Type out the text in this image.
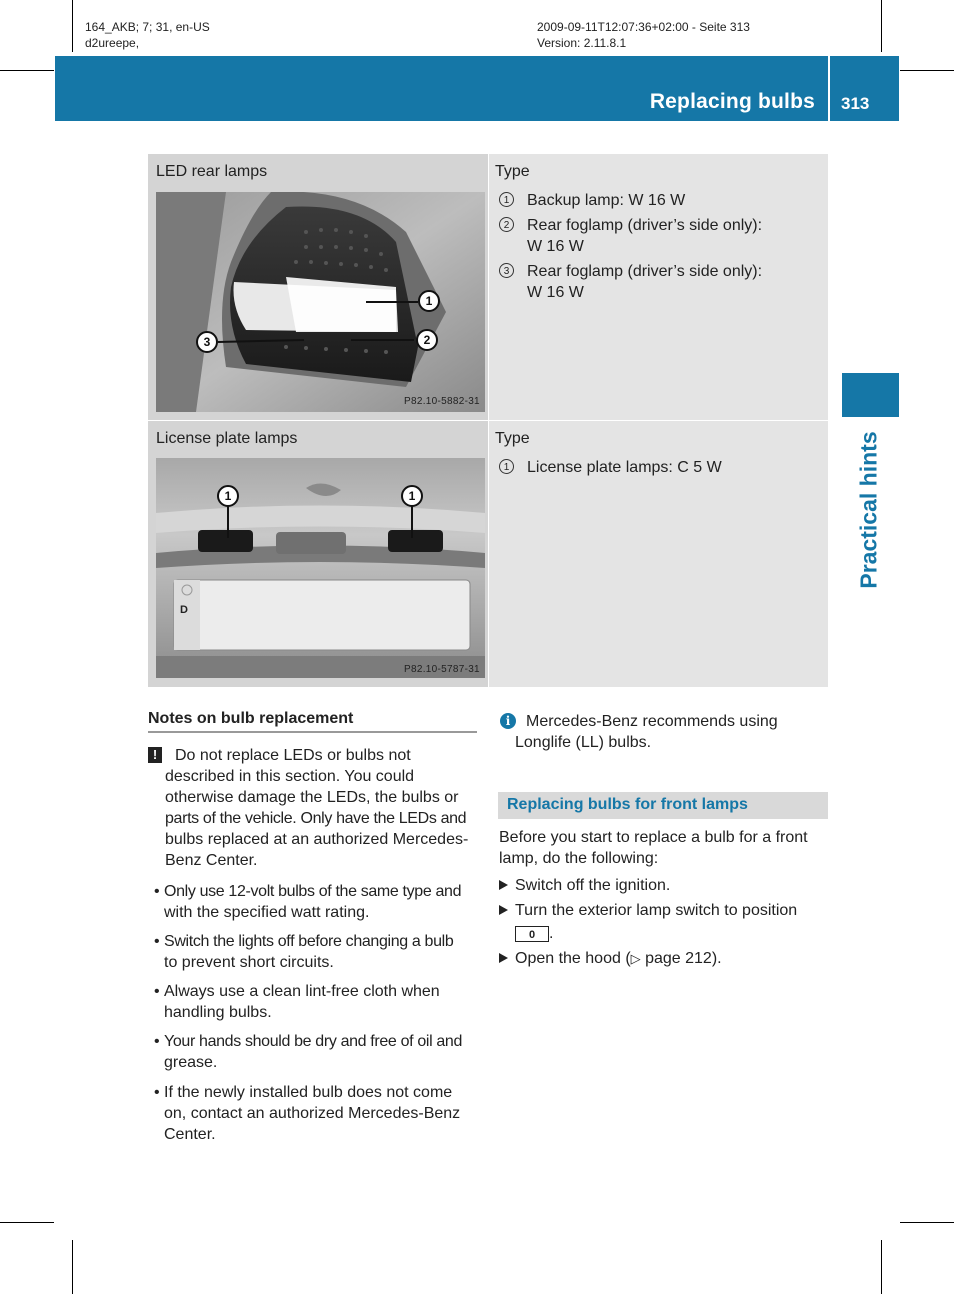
164_AKB; 7; 31, en-US
d2ureepe,
2009-09-11T12:07:36+02:00 - Seite 313
Version: 2.11.8.1
Replacing bulbs 313
Practical hints
LED rear lamps	Type
1
2
3
P82.10-5882-31
1 Backup lamp: W 16 W
2 Rear foglamp (driver’s side only):
W 16 W
3 Rear foglamp (driver’s side only):
W 16 W
License plate lamps	Type
D
1	1
P82.10-5787-31
1 License plate lamps: C 5 W
Notes on bulb replacement
!	Do not replace LEDs or bulbs not
described in this section. You could
otherwise damage the LEDs, the bulbs or
parts of the vehicle. Only have the LEDs and
bulbs replaced at an authorized Mercedes-
Benz Center.
• Only use 12-volt bulbs of the same type and
with the specified watt rating.
• Switch the lights off before changing a bulb
to prevent short circuits.
• Always use a clean lint-free cloth when
handling bulbs.
• Your hands should be dry and free of oil and
grease.
• If the newly installed bulb does not come
on, contact an authorized Mercedes-Benz
Center.
i Mercedes-Benz recommends using
Longlife (LL) bulbs.
Replacing bulbs for front lamps
Before you start to replace a bulb for a front
lamp, do the following:
Switch off the ignition.
Turn the exterior lamp switch to position
0 .
Open the hood (▷ page 212).
